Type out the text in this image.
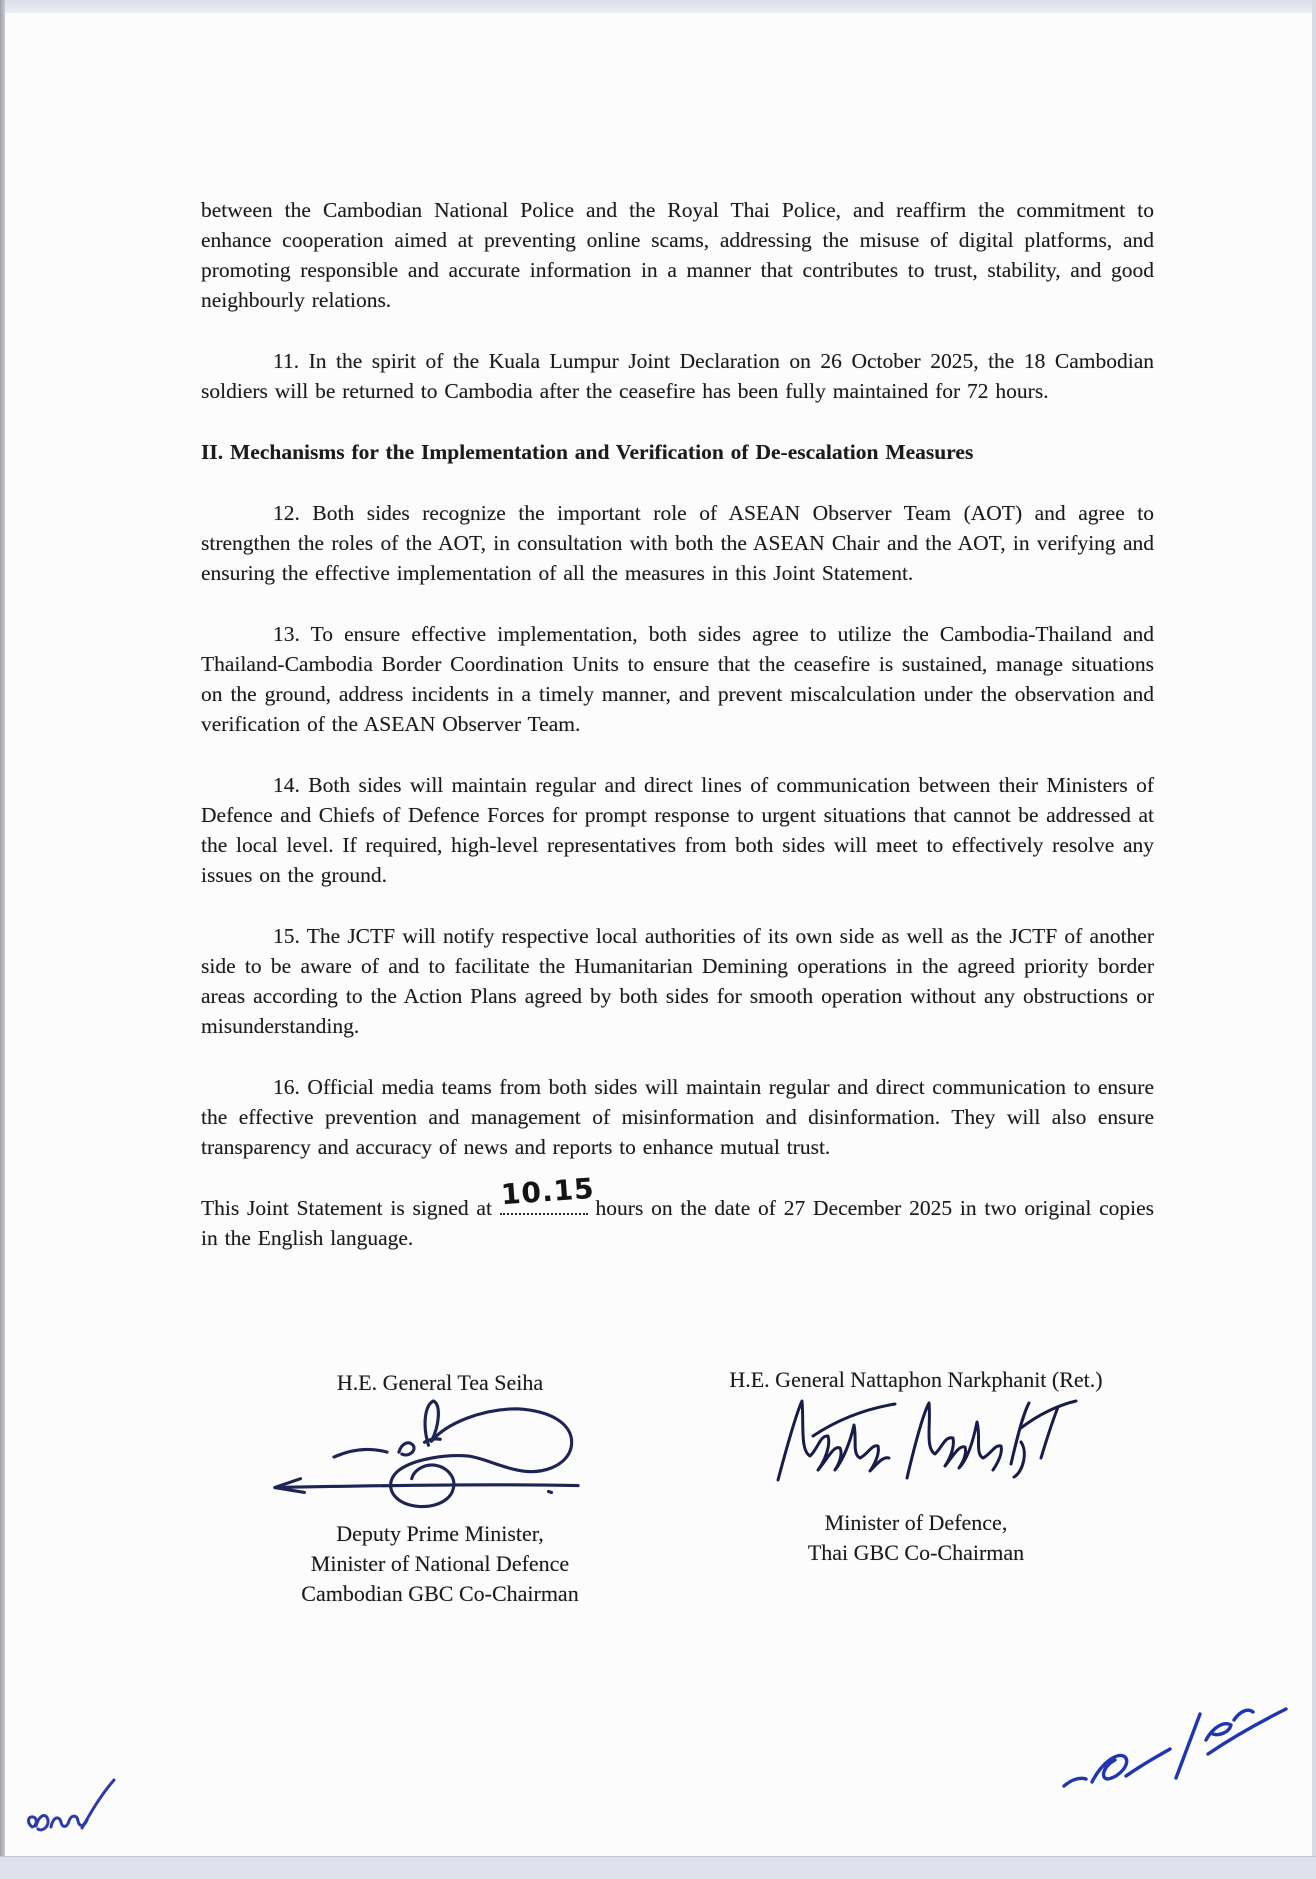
between the Cambodian National Police and the Royal Thai Police, and reaffirm the commitment to enhance cooperation aimed at preventing online scams, addressing the misuse of digital platforms, and promoting responsible and accurate information in a manner that contributes to trust, stability, and good neighbourly relations.

11. In the spirit of the Kuala Lumpur Joint Declaration on 26 October 2025, the 18 Cambodian soldiers will be returned to Cambodia after the ceasefire has been fully maintained for 72 hours.

II. Mechanisms for the Implementation and Verification of De-escalation Measures

12. Both sides recognize the important role of ASEAN Observer Team (AOT) and agree to strengthen the roles of the AOT, in consultation with both the ASEAN Chair and the AOT, in verifying and ensuring the effective implementation of all the measures in this Joint Statement.

13. To ensure effective implementation, both sides agree to utilize the Cambodia-Thailand and Thailand-Cambodia Border Coordination Units to ensure that the ceasefire is sustained, manage situations on the ground, address incidents in a timely manner, and prevent miscalculation under the observation and verification of the ASEAN Observer Team.

14. Both sides will maintain regular and direct lines of communication between their Ministers of Defence and Chiefs of Defence Forces for prompt response to urgent situations that cannot be addressed at the local level. If required, high-level representatives from both sides will meet to effectively resolve any issues on the ground.

15. The JCTF will notify respective local authorities of its own side as well as the JCTF of another side to be aware of and to facilitate the Humanitarian Demining operations in the agreed priority border areas according to the Action Plans agreed by both sides for smooth operation without any obstructions or misunderstanding.

16. Official media teams from both sides will maintain regular and direct communication to ensure the effective prevention and management of misinformation and disinformation. They will also ensure transparency and accuracy of news and reports to enhance mutual trust.

This Joint Statement is signed at 10.15 hours on the date of 27 December 2025 in two original copies in the English language.

H.E. General Tea Seiha
Deputy Prime Minister,
Minister of National Defence
Cambodian GBC Co-Chairman
H.E. General Nattaphon Narkphanit (Ret.)
Minister of Defence,
Thai GBC Co-Chairman
